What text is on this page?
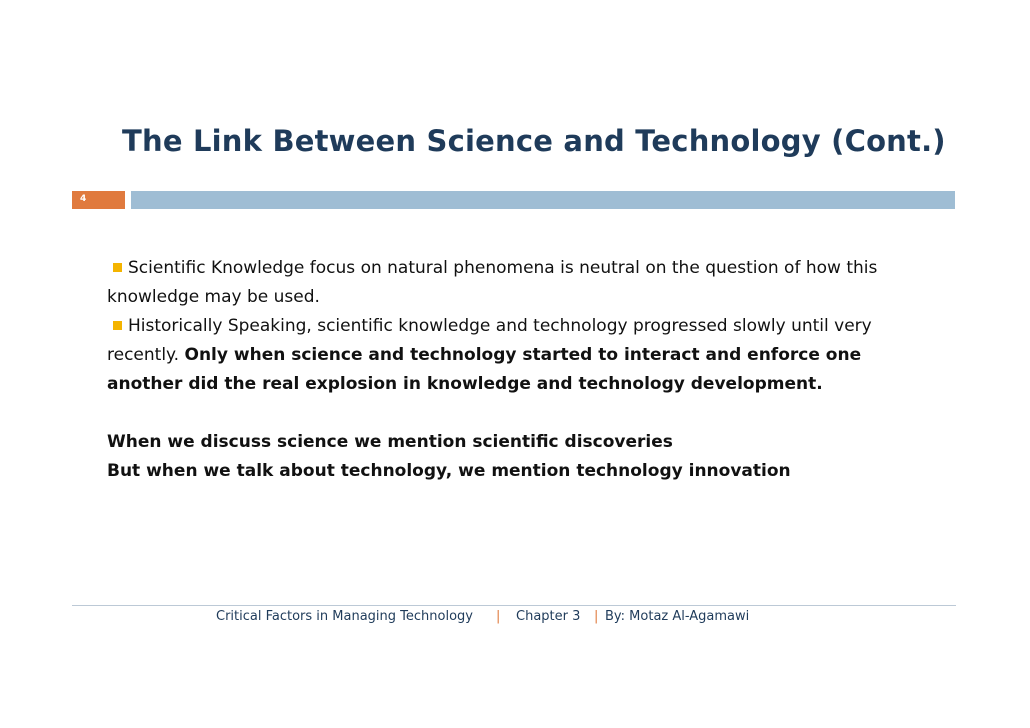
The Link Between Science and Technology (Cont.)
4

Scientific Knowledge focus on natural phenomena is neutral on the question of how this knowledge may be used.

Historically Speaking, scientific knowledge and technology progressed slowly until very recently. Only when science and technology started to interact and enforce one another did the real explosion in knowledge and technology development.

When we discuss science we mention scientific discoveries

But when we talk about technology, we mention technology innovation

Critical Factors in Managing Technology | Chapter 3 | By: Motaz Al-Agamawi
